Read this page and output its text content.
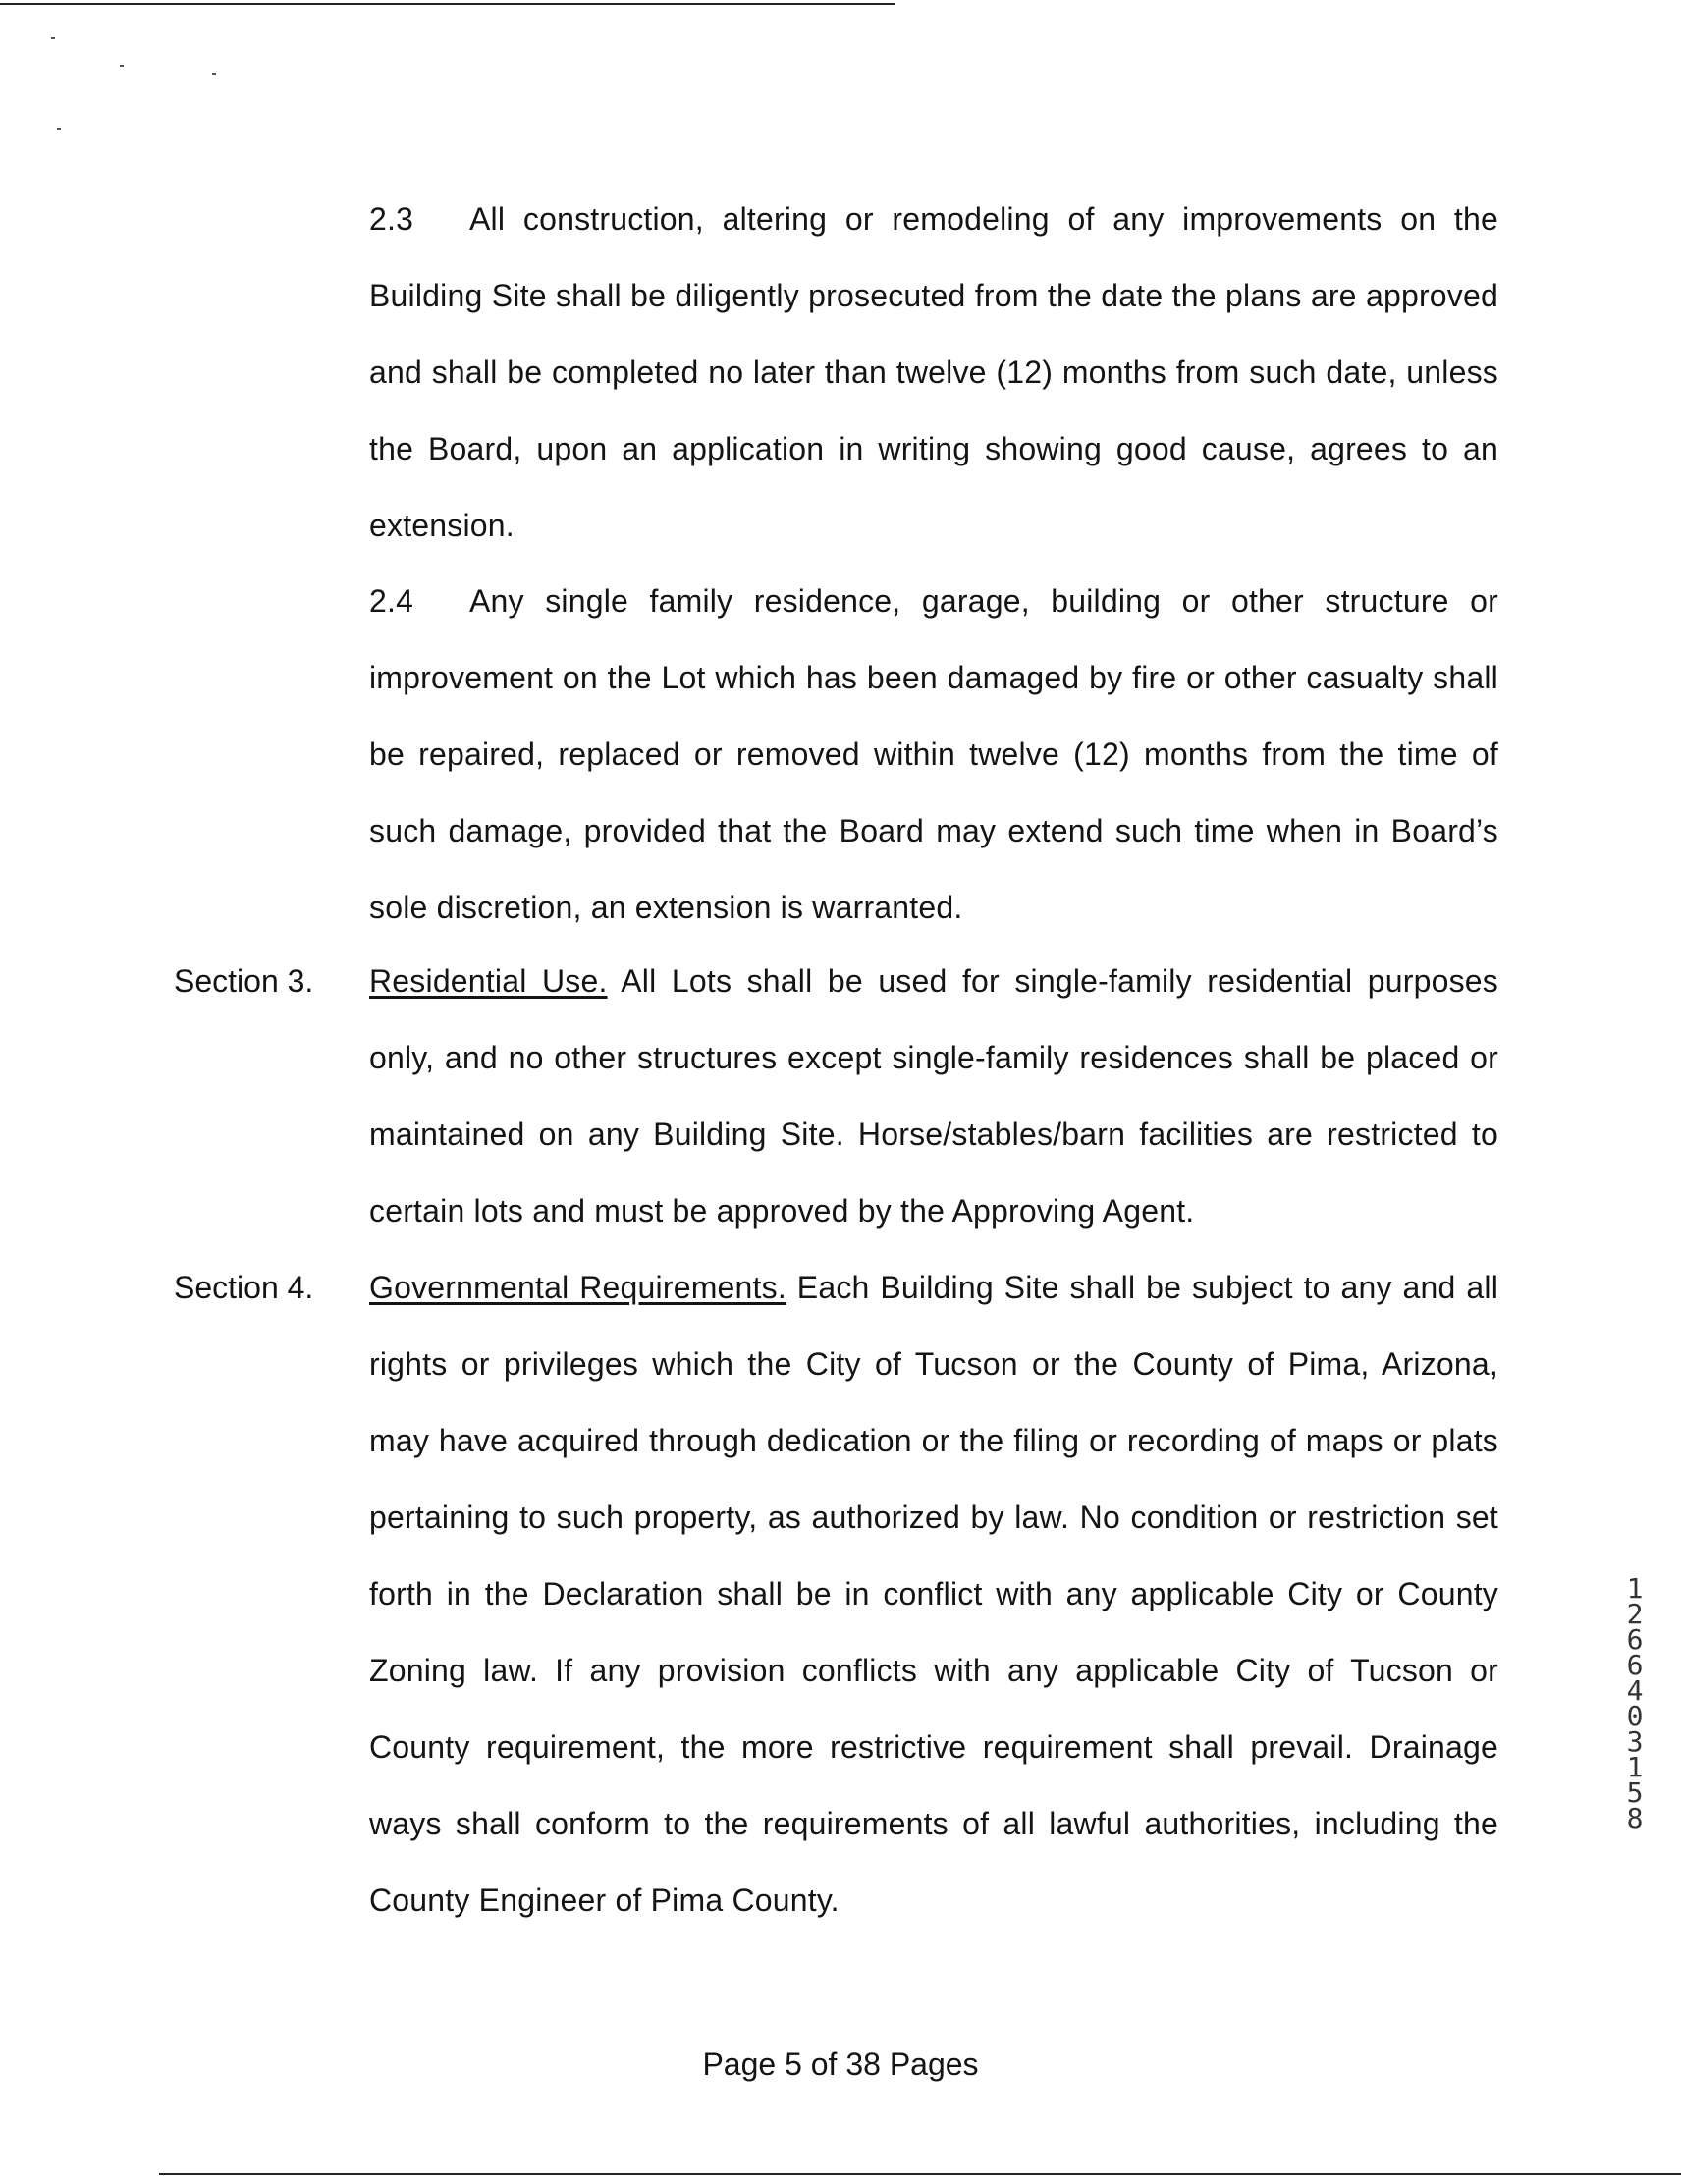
2.3 All construction, altering or remodeling of any improvements on the Building Site shall be diligently prosecuted from the date the plans are approved and shall be completed no later than twelve (12) months from such date, unless the Board, upon an application in writing showing good cause, agrees to an extension.
2.4 Any single family residence, garage, building or other structure or improvement on the Lot which has been damaged by fire or other casualty shall be repaired, replaced or removed within twelve (12) months from the time of such damage, provided that the Board may extend such time when in Board’s sole discretion, an extension is warranted.
Section 3. Residential Use. All Lots shall be used for single-family residential purposes only, and no other structures except single-family residences shall be placed or maintained on any Building Site. Horse/stables/barn facilities are restricted to certain lots and must be approved by the Approving Agent.
Section 4. Governmental Requirements. Each Building Site shall be subject to any and all rights or privileges which the City of Tucson or the County of Pima, Arizona, may have acquired through dedication or the filing or recording of maps or plats pertaining to such property, as authorized by law. No condition or restriction set forth in the Declaration shall be in conflict with any applicable City or County Zoning law. If any provision conflicts with any applicable City of Tucson or County requirement, the more restrictive requirement shall prevail. Drainage ways shall conform to the requirements of all lawful authorities, including the County Engineer of Pima County.
12664 03158
Page 5 of 38 Pages
